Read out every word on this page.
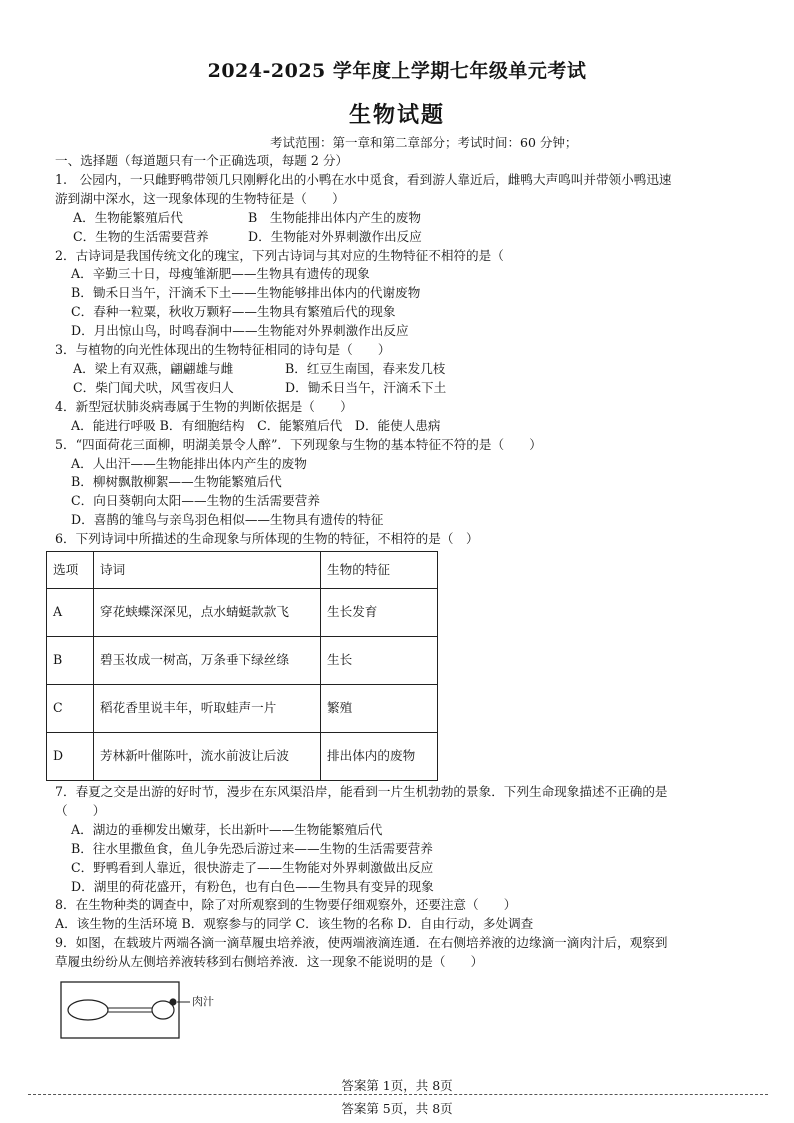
2024-2025 学年度上学期七年级单元考试
生物试题
考试范围：第一章和第二章部分；考试时间：60 分钟；
一、选择题（每道题只有一个正确选项，每题 2 分）
1.　公园内，一只雌野鸭带领几只刚孵化出的小鸭在水中觅食，看到游人靠近后，雌鸭大声鸣叫并带领小鸭迅速
游到湖中深水，这一现象体现的生物特征是（　　）
A．生物能繁殖后代	B　生物能排出体内产生的废物
C．生物的生活需要营养	D．生物能对外界刺激作出反应
2．古诗词是我国传统文化的瑰宝，下列古诗词与其对应的生物特征不相符的是（
A．辛勤三十日，母瘦雏渐肥——生物具有遗传的现象
B．锄禾日当午，汗滴禾下土——生物能够排出体内的代谢废物
C．春种一粒粟，秋收万颗籽——生物具有繁殖后代的现象
D．月出惊山鸟，时鸣春涧中——生物能对外界刺激作出反应
3．与植物的向光性体现出的生物特征相同的诗句是（　　）
A．梁上有双燕，翩翩雄与雌	B．红豆生南国，春来发几枝
C．柴门闻犬吠，风雪夜归人	D．锄禾日当午，汗滴禾下土
4．新型冠状肺炎病毒属于生物的判断依据是（　　）
A．能进行呼吸 B．有细胞结构　C．能繁殖后代　D．能使人患病
5．“四面荷花三面柳，明湖美景令人醉”．下列现象与生物的基本特征不符的是（　　）
A．人出汗——生物能排出体内产生的废物
B．柳树飘散柳絮——生物能繁殖后代
C．向日葵朝向太阳——生物的生活需要营养
D．喜鹊的雏鸟与亲鸟羽色相似——生物具有遗传的特征
6．下列诗词中所描述的生命现象与所体现的生物的特征，不相符的是（　）
选项	诗词	生物的特征
A	穿花蛱蝶深深见，点水蜻蜓款款飞	生长发育
B	碧玉妆成一树高，万条垂下绿丝绦	生长
C	稻花香里说丰年，听取蛙声一片	繁殖
D	芳林新叶催陈叶，流水前波让后波	排出体内的废物
7．春夏之交是出游的好时节，漫步在东风渠沿岸，能看到一片生机勃勃的景象．下列生命现象描述不正确的是
（　　）
A．湖边的垂柳发出嫩芽，长出新叶——生物能繁殖后代
B．往水里撒鱼食，鱼儿争先恐后游过来——生物的生活需要营养
C．野鸭看到人靠近，很快游走了——生物能对外界刺激做出反应
D．湖里的荷花盛开，有粉色，也有白色——生物具有变异的现象
8．在生物种类的调查中，除了对所观察到的生物要仔细观察外，还要注意（　　）
A．该生物的生活环境 B．观察参与的同学 C．该生物的名称 D．自由行动，多处调查
9．如图，在载玻片两端各滴一滴草履虫培养液，使两端液滴连通．在右侧培养液的边缘滴一滴肉汁后，观察到
草履虫纷纷从左侧培养液转移到右侧培养液．这一现象不能说明的是（　　）
肉汁
答案第 1页，共 8页
答案第 5页，共 8页
